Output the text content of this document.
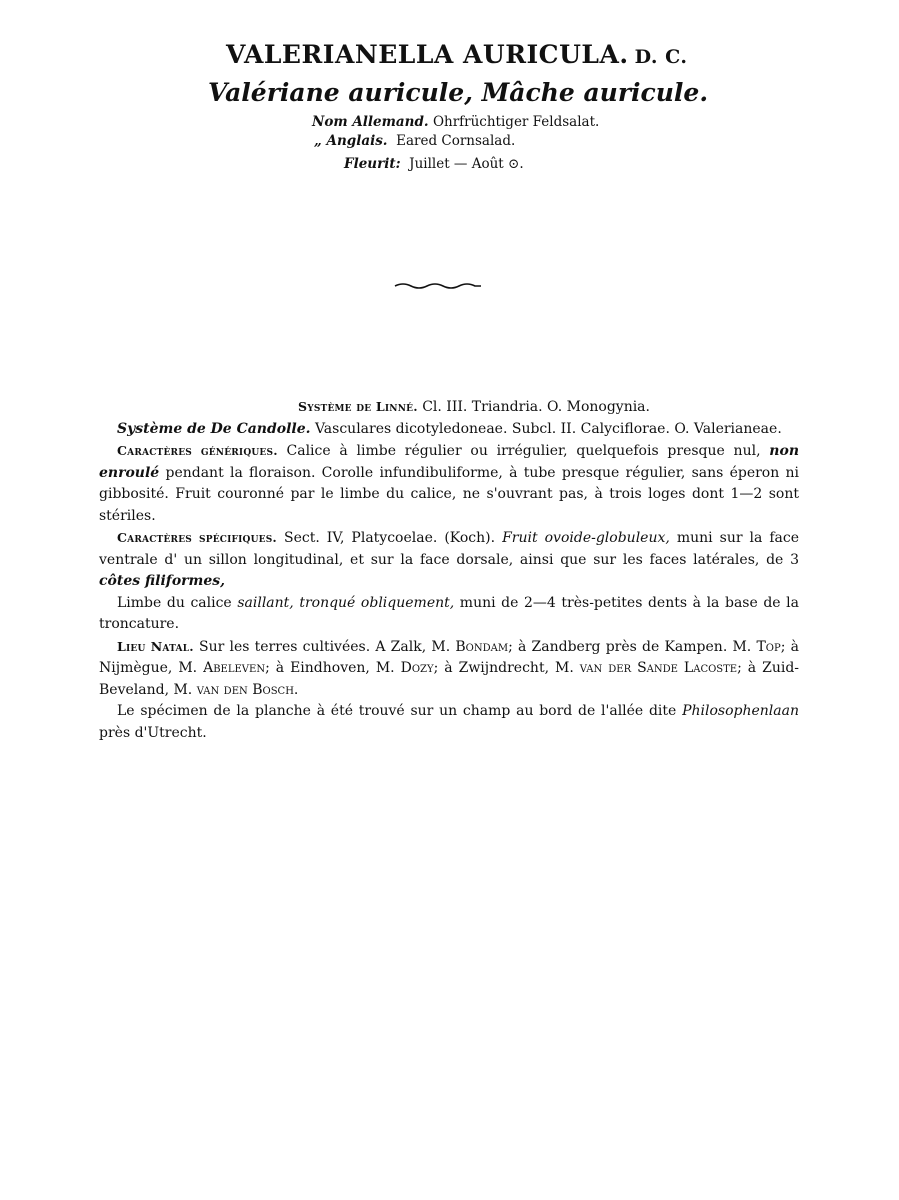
VALERIANELLA AURICULA. D. C.
Valériane auricule, Mâche auricule.
Nom Allemand. Ohrfrüchtiger Feldsalat.
„ Anglais. Eared Cornsalad.
Fleurit: Juillet — Août ⊙.

Système de Linné. Cl. III. Triandria. O. Monogynia.

Système de De Candolle. Vasculares dicotyledoneae. Subcl. II. Calyciflorae. O. Valerianeae.

Caractères génériques. Calice à limbe régulier ou irrégulier, quelquefois presque nul, non enroulé pendant la floraison. Corolle infundibuliforme, à tube presque régulier, sans éperon ni gibbosité. Fruit couronné par le limbe du calice, ne s'ouvrant pas, à trois loges dont 1—2 sont stériles.

Caractères spécifiques. Sect. IV, Platycoelae. (Koch). Fruit ovoide-globuleux, muni sur la face ventrale d' un sillon longitudinal, et sur la face dorsale, ainsi que sur les faces latérales, de 3 côtes filiformes,

Limbe du calice saillant, tronqué obliquement, muni de 2—4 très-petites dents à la base de la troncature.

Lieu Natal. Sur les terres cultivées. A Zalk, M. Bondam; à Zandberg près de Kampen. M. Top; à Nijmègue, M. Abeleven; à Eindhoven, M. Dozy; à Zwijndrecht, M. van der Sande Lacoste; à Zuid-Beveland, M. van den Bosch.

Le spécimen de la planche à été trouvé sur un champ au bord de l'allée dite Philosophenlaan près d'Utrecht.
